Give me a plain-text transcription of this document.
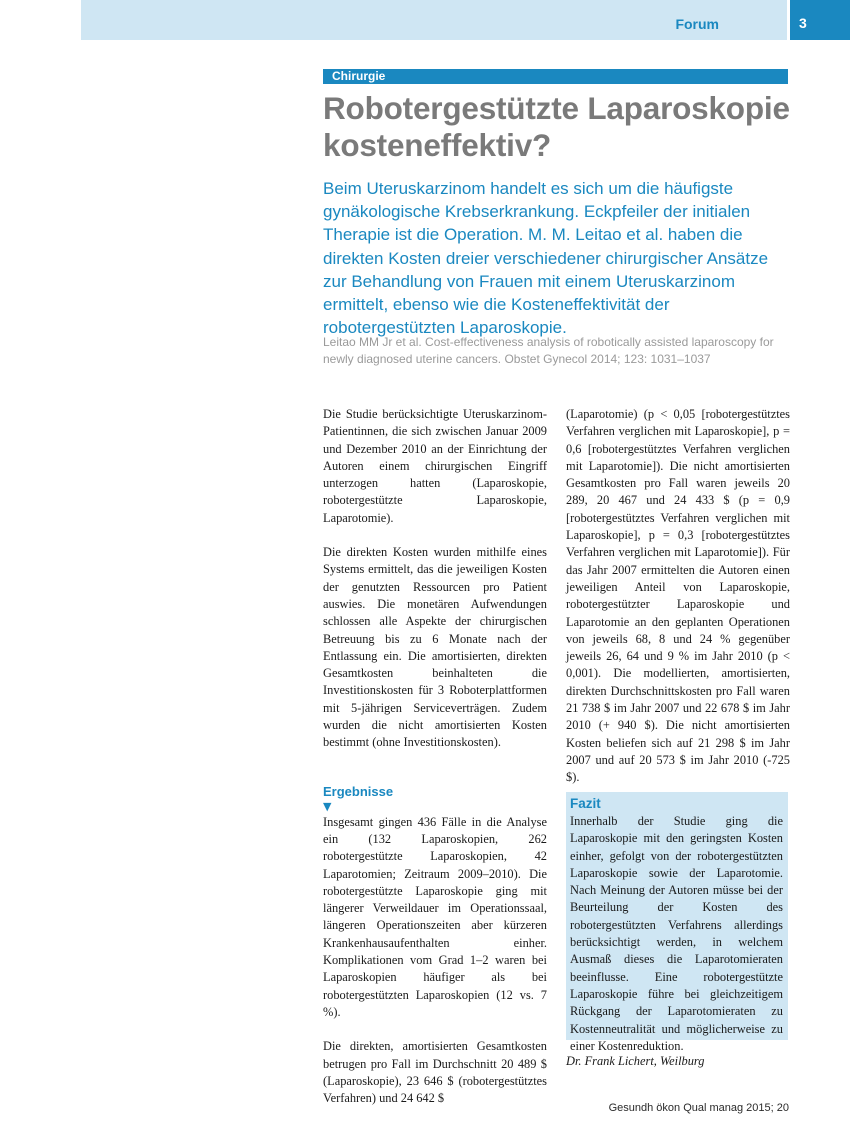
Forum	3
Chirurgie
Robotergestützte Laparoskopie kosteneffektiv?

Beim Uteruskarzinom handelt es sich um die häufigste gynäkologische Krebserkrankung. Eckpfeiler der initialen Therapie ist die Operation. M. M. Leitao et al. haben die direkten Kosten dreier verschiedener chirurgischer Ansätze zur Behandlung von Frauen mit einem Uteruskarzinom ermittelt, ebenso wie die Kosteneffektivität der robotergestützten Laparoskopie.

Leitao MM Jr et al. Cost-effectiveness analysis of robotically assisted laparoscopy for newly diagnosed uterine cancers. Obstet Gynecol 2014; 123: 1031–1037

Die Studie berücksichtigte Uteruskarzinom-Patientinnen, die sich zwischen Januar 2009 und Dezember 2010 an der Einrichtung der Autoren einem chirurgischen Eingriff unterzogen hatten (Laparoskopie, robotergestützte Laparoskopie, Laparotomie).

Die direkten Kosten wurden mithilfe eines Systems ermittelt, das die jeweiligen Kosten der genutzten Ressourcen pro Patient auswies. Die monetären Aufwendungen schlossen alle Aspekte der chirurgischen Betreuung bis zu 6 Monate nach der Entlassung ein. Die amortisierten, direkten Gesamtkosten beinhalteten die Investitionskosten für 3 Roboterplattformen mit 5-jährigen Serviceverträgen. Zudem wurden die nicht amortisierten Kosten bestimmt (ohne Investitionskosten).

Ergebnisse
▼

Insgesamt gingen 436 Fälle in die Analyse ein (132 Laparoskopien, 262 robotergestützte Laparoskopien, 42 Laparotomien; Zeitraum 2009–2010). Die robotergestützte Laparoskopie ging mit längerer Verweildauer im Operationssaal, längeren Operationszeiten aber kürzeren Krankenhausaufenthalten einher. Komplikationen vom Grad 1–2 waren bei Laparoskopien häufiger als bei robotergestützten Laparoskopien (12 vs. 7 %).

Die direkten, amortisierten Gesamtkosten betrugen pro Fall im Durchschnitt 20 489 $ (Laparoskopie), 23 646 $ (robotergestütztes Verfahren) und 24 642 $

(Laparotomie) (p < 0,05 [robotergestütztes Verfahren verglichen mit Laparoskopie], p = 0,6 [robotergestütztes Verfahren verglichen mit Laparotomie]). Die nicht amortisierten Gesamtkosten pro Fall waren jeweils 20 289, 20 467 und 24 433 $ (p = 0,9 [robotergestütztes Verfahren verglichen mit Laparoskopie], p = 0,3 [robotergestütztes Verfahren verglichen mit Laparotomie]). Für das Jahr 2007 ermittelten die Autoren einen jeweiligen Anteil von Laparoskopie, robotergestützter Laparoskopie und Laparotomie an den geplanten Operationen von jeweils 68, 8 und 24 % gegenüber jeweils 26, 64 und 9 % im Jahr 2010 (p < 0,001). Die modellierten, amortisierten, direkten Durchschnittskosten pro Fall waren 21 738 $ im Jahr 2007 und 22 678 $ im Jahr 2010 (+ 940 $). Die nicht amortisierten Kosten beliefen sich auf 21 298 $ im Jahr 2007 und auf 20 573 $ im Jahr 2010 (-725 $).

Fazit

Innerhalb der Studie ging die Laparoskopie mit den geringsten Kosten einher, gefolgt von der robotergestützten Laparoskopie sowie der Laparotomie. Nach Meinung der Autoren müsse bei der Beurteilung der Kosten des robotergestützten Verfahrens allerdings berücksichtigt werden, in welchem Ausmaß dieses die Laparotomieraten beeinflusse. Eine robotergestützte Laparoskopie führe bei gleichzeitigem Rückgang der Laparotomieraten zu Kostenneutralität und möglicherweise zu einer Kostenreduktion.

Dr. Frank Lichert, Weilburg
Gesundh ökon Qual manag 2015; 20
